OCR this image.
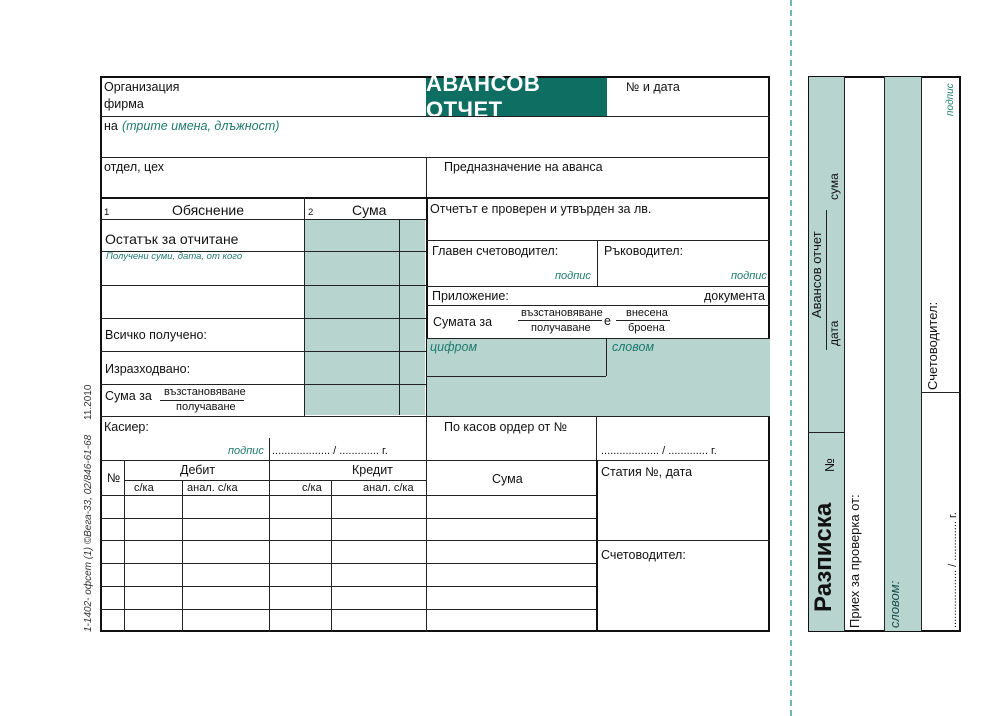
1-1402- офсет (1) ©Вега-33, 02/846-61-68
11.2010
АВАНСОВ ОТЧЕТ
Организация
фирма
№ и дата
на (трите имена, длъжност)
отдел, цех	Предназначение на аванса
1	Обяснение	2	Сума
Остатък за отчитане
Получени суми, дата, от кого
Всичко получено:
Изразходвано:
Сума за възстановяване
получаване
Касиер:
подпис ................... / ............. г.
По касов ордер от №
................... / ............. г.
Отчетът е проверен и утвърден за лв.
Главен счетоводител:
подпис
Ръководител:
подпис
Приложение:	документа
Сумата за
възстановяване
получаване е
внесена
броена
цифром	словом
№
Дебит	Кредит
с/ка	анал. с/ка	с/ка	анал. с/ка
Сума	Статия №, дата
Счетоводител:
Авансов отчет
дата
сума
№
Разписка Приех за проверка от: словом:
Счетоводител:
подпис
................... / ............. г.
